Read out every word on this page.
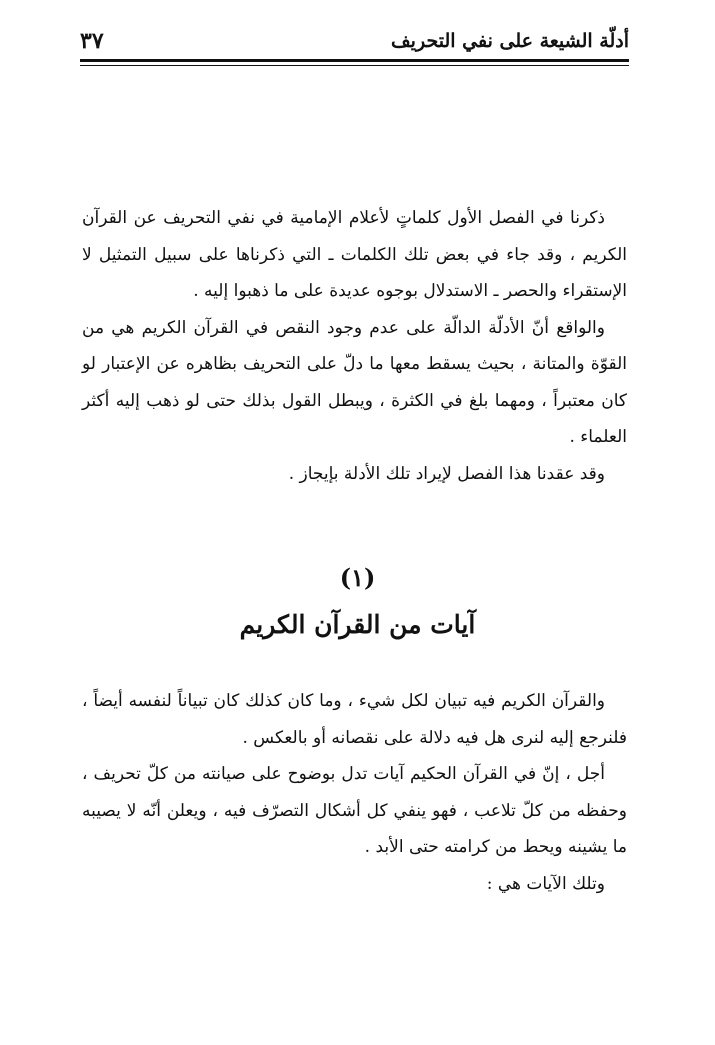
أدلّة الشيعة على نفي التحريف
٣٧

ذكرنا في الفصل الأول كلماتٍ لأعلام الإمامية في نفي التحريف عن القرآن الكريم ، وقد جاء في بعض تلك الكلمات ـ التي ذكرناها على سبيل التمثيل لا الإستقراء والحصر ـ الاستدلال بوجوه عديدة على ما ذهبوا إليه .

والواقع أنّ الأدلّة الدالّة على عدم وجود النقص في القرآن الكريم هي من القوّة والمتانة ، بحيث يسقط معها ما دلّ على التحريف بظاهره عن الإعتبار لو كان معتبراً ، ومهما بلغ في الكثرة ، ويبطل القول بذلك حتى لو ذهب إليه أكثر العلماء .

وقد عقدنا هذا الفصل لإيراد تلك الأدلة بإيجاز .

(١)
آيات من القرآن الكريم

والقرآن الكريم فيه تبيان لكل شيء ، وما كان كذلك كان تبياناً لنفسه أيضاً ، فلنرجع إليه لنرى هل فيه دلالة على نقصانه أو بالعكس .

أجل ، إنّ في القرآن الحكيم آيات تدل بوضوح على صيانته من كلّ تحريف ، وحفظه من كلّ تلاعب ، فهو ينفي كل أشكال التصرّف فيه ، ويعلن أنّه لا يصيبه ما يشينه ويحط من كرامته حتى الأبد .

وتلك الآيات هي :
